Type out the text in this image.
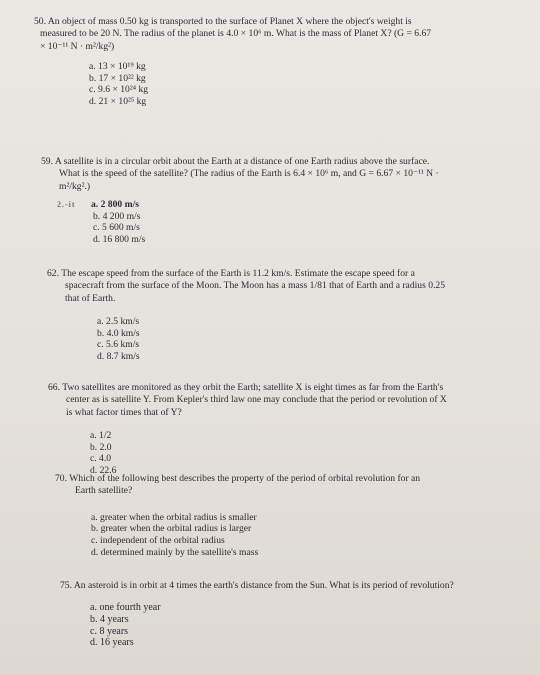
50. An object of mass 0.50 kg is transported to the surface of Planet X where the object's weight is
measured to be 20 N. The radius of the planet is 4.0 × 10⁶ m. What is the mass of Planet X? (G = 6.67
× 10⁻¹¹ N · m²/kg²)

a. 13 × 10¹⁹ kg
b. 17 × 10²² kg
c. 9.6 × 10²⁴ kg
d. 21 × 10²⁵ kg

59. A satellite is in a circular orbit about the Earth at a distance of one Earth radius above the surface.
What is the speed of the satellite? (The radius of the Earth is 6.4 × 10⁶ m, and G = 6.67 × 10⁻¹¹ N ·
m²/kg².)

2.-it a. 2 800 m/s
b. 4 200 m/s
c. 5 600 m/s
d. 16 800 m/s

62. The escape speed from the surface of the Earth is 11.2 km/s. Estimate the escape speed for a
spacecraft from the surface of the Moon. The Moon has a mass 1/81 that of Earth and a radius 0.25
that of Earth.

a. 2.5 km/s
b. 4.0 km/s
c. 5.6 km/s
d. 8.7 km/s

66. Two satellites are monitored as they orbit the Earth; satellite X is eight times as far from the Earth's
center as is satellite Y. From Kepler's third law one may conclude that the period or revolution of X
is what factor times that of Y?

a. 1/2
b. 2.0
c. 4.0
d. 22.6

70. Which of the following best describes the property of the period of orbital revolution for an
Earth satellite?

a. greater when the orbital radius is smaller
b. greater when the orbital radius is larger
c. independent of the orbital radius
d. determined mainly by the satellite's mass

75. An asteroid is in orbit at 4 times the earth's distance from the Sun. What is its period of revolution?

a. one fourth year
b. 4 years
c. 8 years
d. 16 years
